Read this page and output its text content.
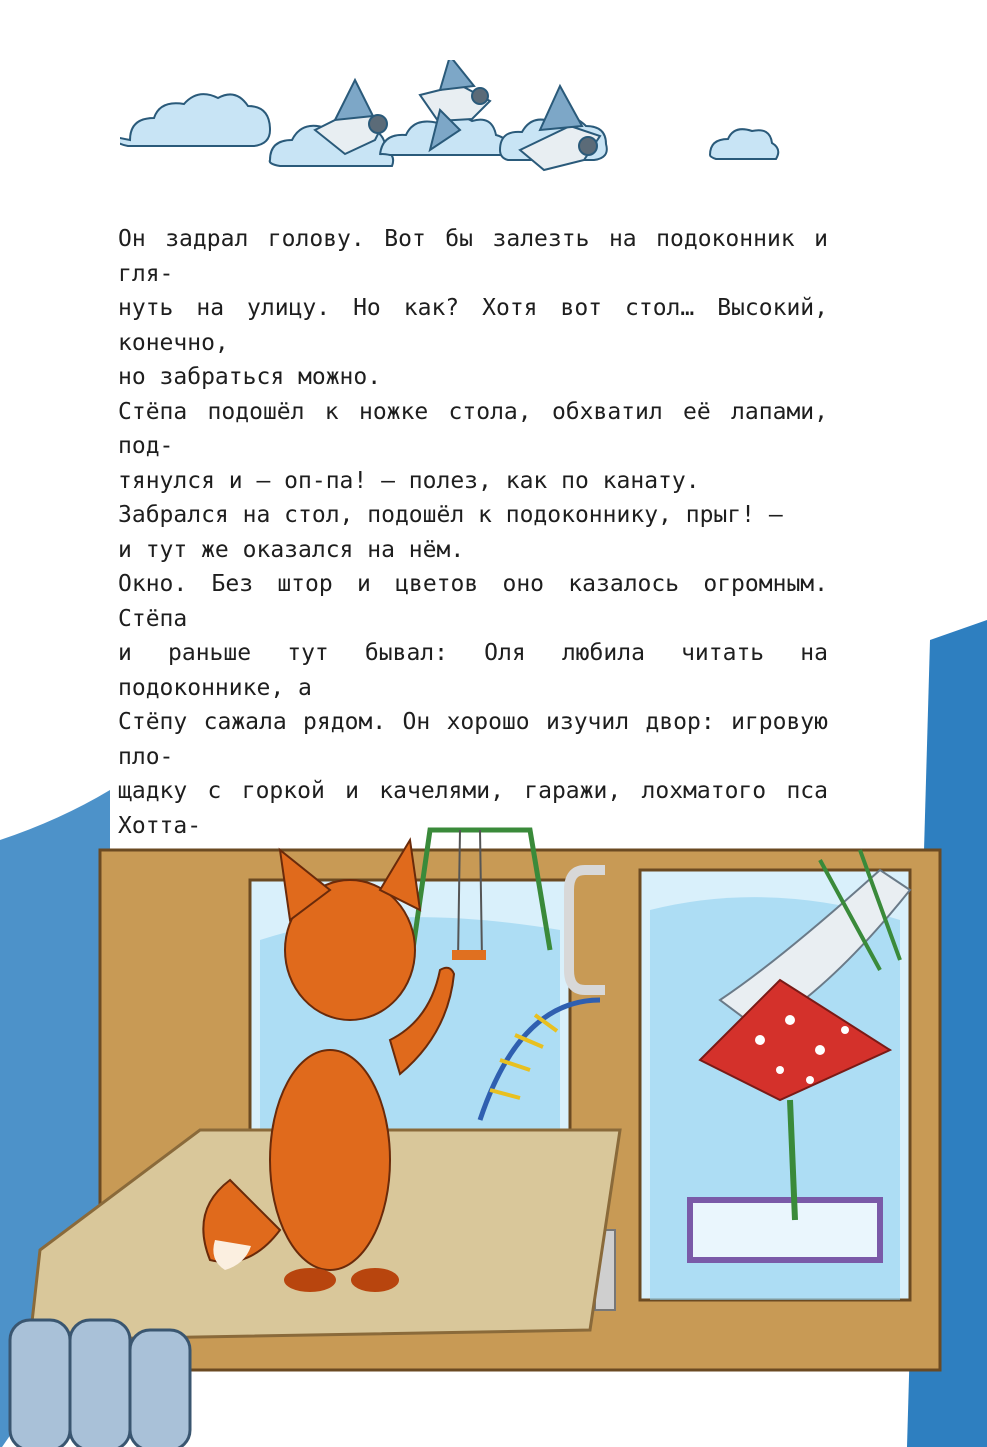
Он задрал голову. Вот бы залезть на подоконник и гля-

нуть на улицу. Но как? Хотя вот стол… Высокий, конечно,

но забраться можно.

Стёпа подошёл к ножке стола, обхватил её лапами, под-

тянулся и — оп-па! — полез, как по канату.

Забрался на стол, подошёл к подоконнику, прыг! —

и тут же оказался на нём.

Окно. Без штор и цветов оно казалось огромным. Стёпа

и раньше тут бывал: Оля любила читать на подоконнике, а

Стёпу сажала рядом. Он хорошо изучил двор: игровую пло-

щадку с горкой и качелями, гаражи, лохматого пса Хотта-
